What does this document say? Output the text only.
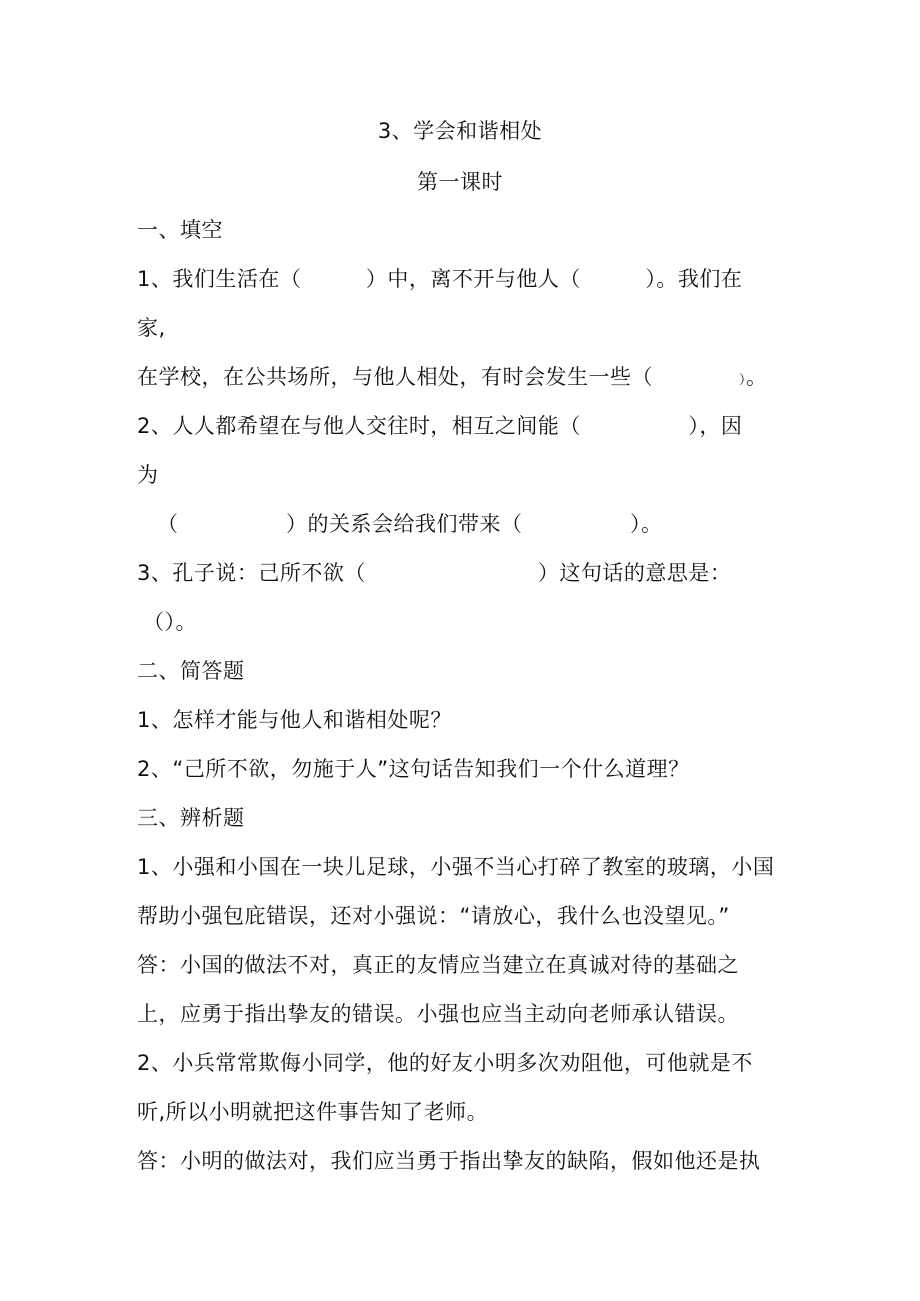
3、学会和谐相处
第一课时
一、填空
1、我们生活在（　　　）中，离不开与他人（　　　）。我们在
家,
在学校，在公共场所，与他人相处，有时会发生一些（　　　　）。
2、人人都希望在与他人交往时，相互之间能（　　　　　），因
为
（　　　　　）的关系会给我们带来（　　　　　）。
3、孔子说：己所不欲（　　　　　　　　）这句话的意思是：
（）。
二、简答题
1、怎样才能与他人和谐相处呢？
2、“己所不欲，勿施于人”这句话告知我们一个什么道理？
三、辨析题
1、小强和小国在一块儿足球，小强不当心打碎了教室的玻璃，小国
帮助小强包庇错误，还对小强说：“请放心，我什么也没望见。”
答：小国的做法不对，真正的友情应当建立在真诚对待的基础之
上，应勇于指出挚友的错误。小强也应当主动向老师承认错误。
2、小兵常常欺侮小同学，他的好友小明多次劝阻他，可他就是不
听,所以小明就把这件事告知了老师。
答：小明的做法对，我们应当勇于指出挚友的缺陷，假如他还是执
